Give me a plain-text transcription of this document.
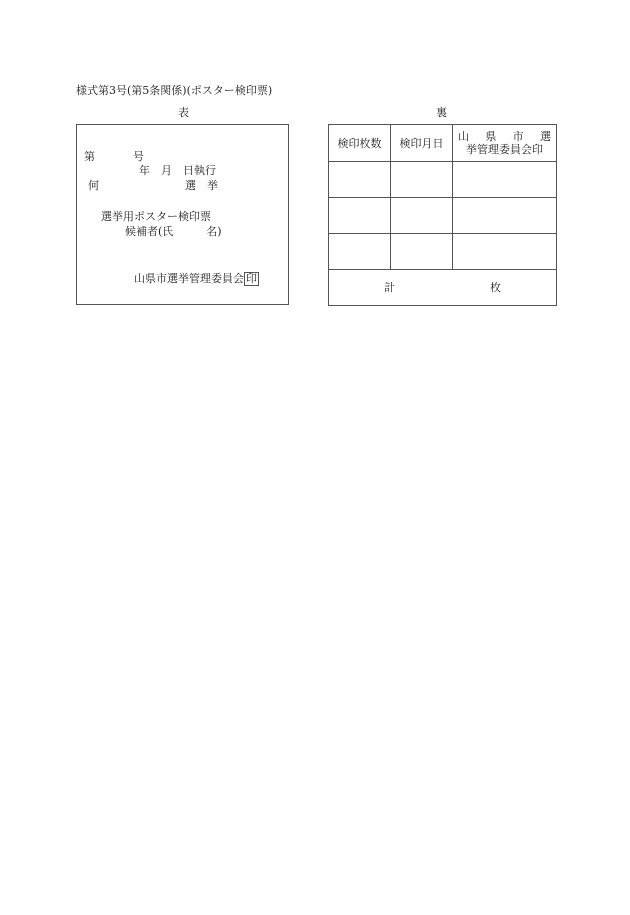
様式第3号(第5条関係)(ポスター検印票)
表	裏
第	号
年　月　日執行
何	選　挙
選挙用ポスター検印票
候補者(氏　　　名)
山県市選挙管理委員会 印
検印枚数	検印月日	山 県 市 選
挙管理委員会印

計 枚		
